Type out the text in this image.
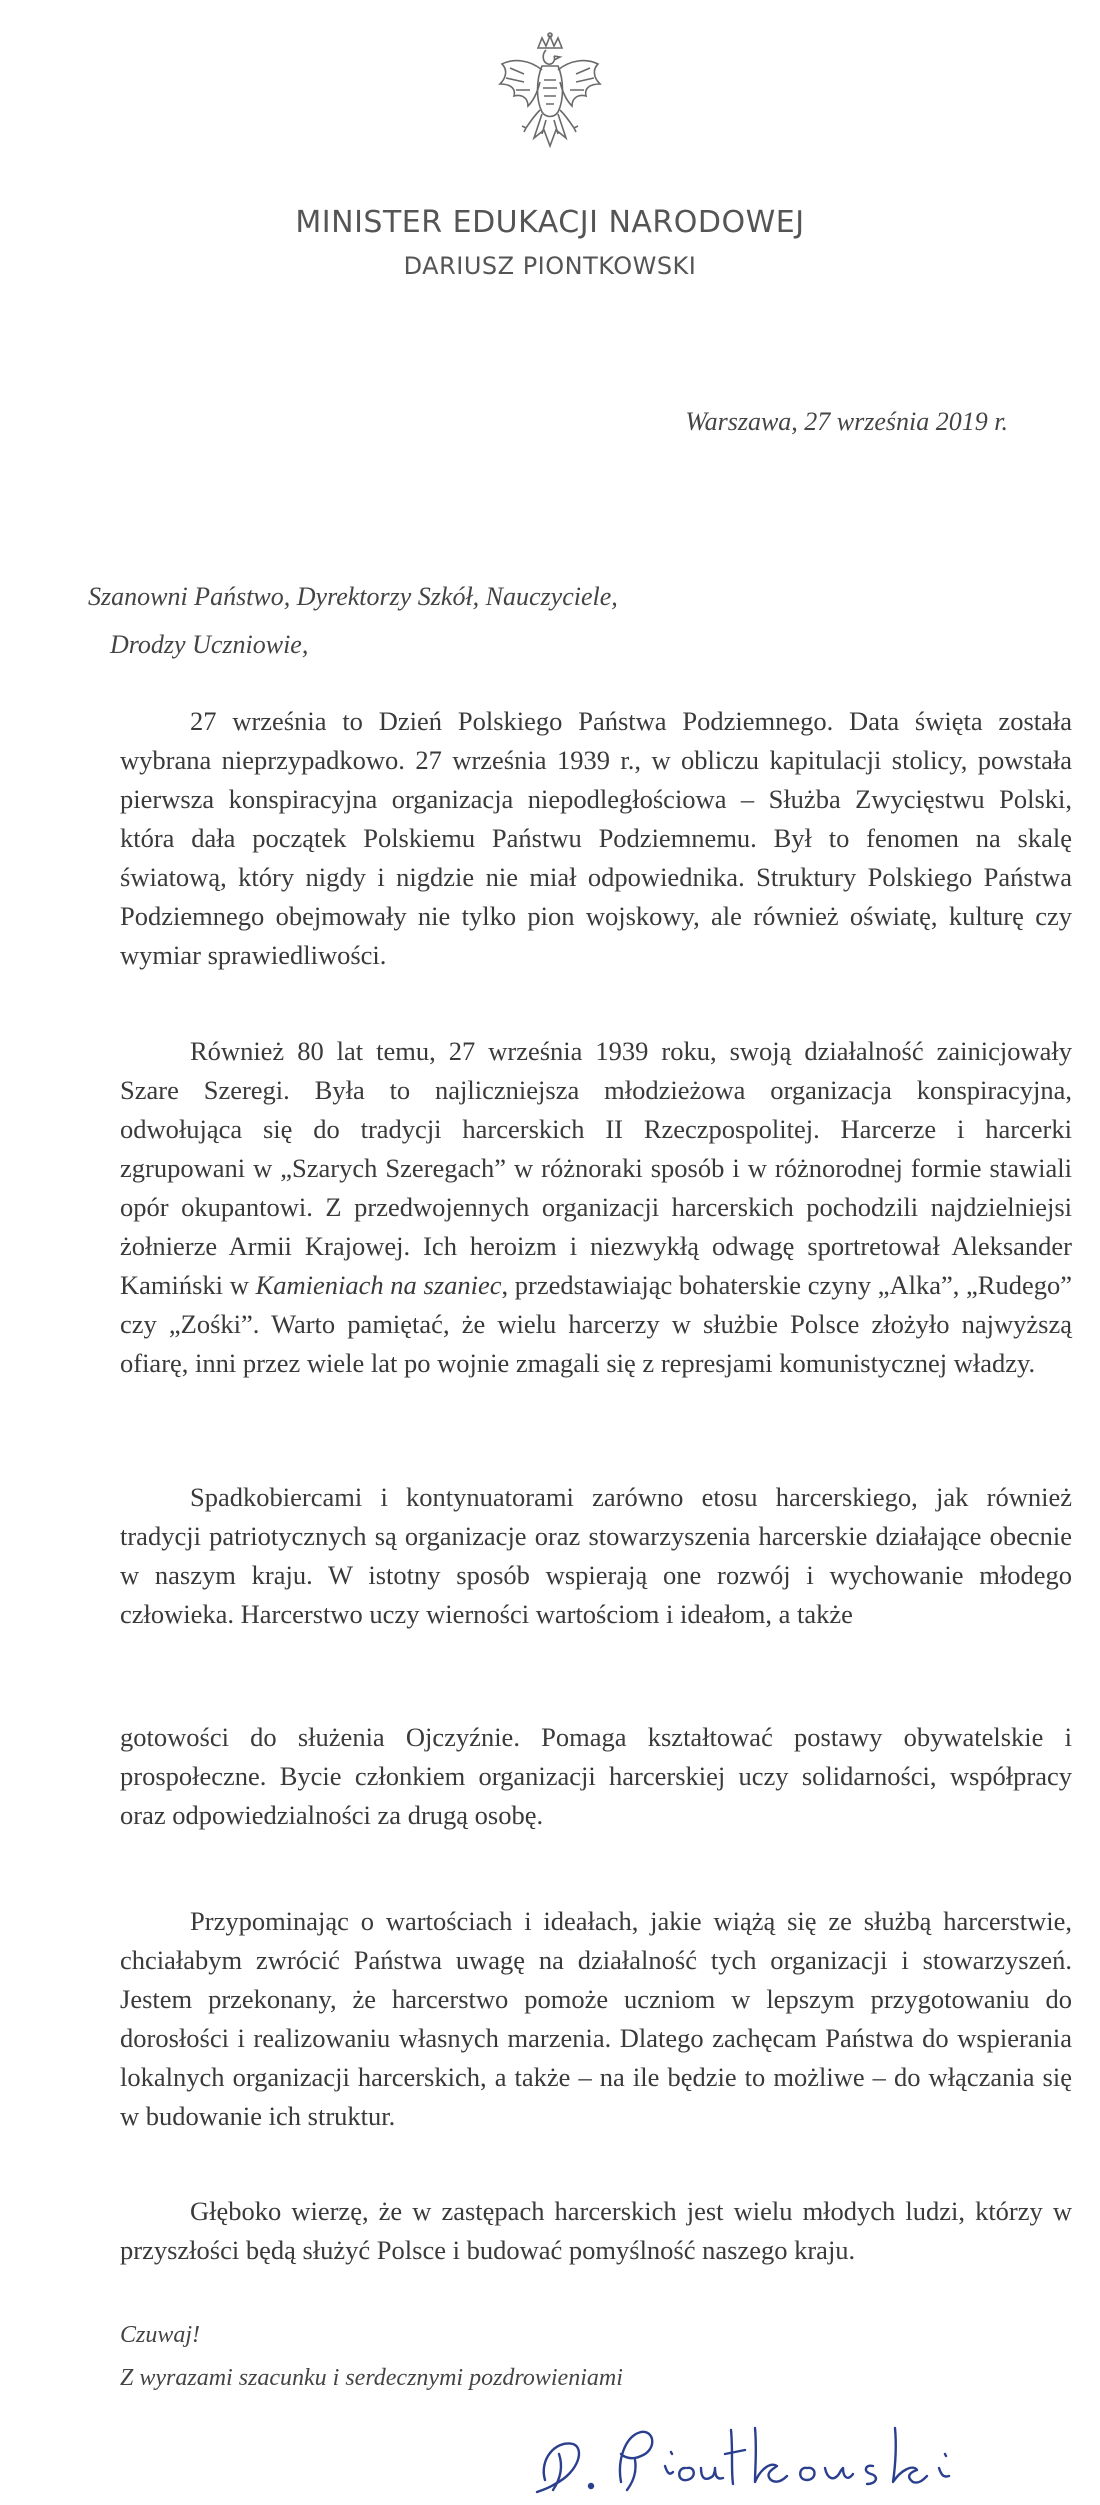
MINISTER EDUKACJI NARODOWEJ
DARIUSZ PIONTKOWSKI
Warszawa, 27 września 2019 r.
Szanowni Państwo, Dyrektorzy Szkół, Nauczyciele,
Drodzy Uczniowie,
27 września to Dzień Polskiego Państwa Podziemnego. Data święta została wybrana nieprzypadkowo. 27 września 1939 r., w obliczu kapitulacji stolicy, powstała pierwsza konspiracyjna organizacja niepodległościowa – Służba Zwycięstwu Polski, która dała początek Polskiemu Państwu Podziemnemu. Był to fenomen na skalę światową, który nigdy i nigdzie nie miał odpowiednika. Struktury Polskiego Państwa Podziemnego obejmowały nie tylko pion wojskowy, ale również oświatę, kulturę czy wymiar sprawiedliwości.
Również 80 lat temu, 27 września 1939 roku, swoją działalność zainicjowały Szare Szeregi. Była to najliczniejsza młodzieżowa organizacja konspiracyjna, odwołująca się do tradycji harcerskich II Rzeczpospolitej. Harcerze i harcerki zgrupowani w „Szarych Szeregach” w różnoraki sposób i w różnorodnej formie stawiali opór okupantowi. Z przedwojennych organizacji harcerskich pochodzili najdzielniejsi żołnierze Armii Krajowej. Ich heroizm i niezwykłą odwagę sportretował Aleksander Kamiński w Kamieniach na szaniec, przedstawiając bohaterskie czyny „Alka”, „Rudego” czy „Zośki”. Warto pamiętać, że wielu harcerzy w służbie Polsce złożyło najwyższą ofiarę, inni przez wiele lat po wojnie zmagali się z represjami komunistycznej władzy.
Spadkobiercami i kontynuatorami zarówno etosu harcerskiego, jak również tradycji patriotycznych są organizacje oraz stowarzyszenia harcerskie działające obecnie w naszym kraju. W istotny sposób wspierają one rozwój i wychowanie młodego człowieka. Harcerstwo uczy wierności wartościom i ideałom, a także
gotowości do służenia Ojczyźnie. Pomaga kształtować postawy obywatelskie i prospołeczne. Bycie członkiem organizacji harcerskiej uczy solidarności, współpracy oraz odpowiedzialności za drugą osobę.
Przypominając o wartościach i ideałach, jakie wiążą się ze służbą harcerstwie, chciałabym zwrócić Państwa uwagę na działalność tych organizacji i stowarzyszeń. Jestem przekonany, że harcerstwo pomoże uczniom w lepszym przygotowaniu do dorosłości i realizowaniu własnych marzenia. Dlatego zachęcam Państwa do wspierania lokalnych organizacji harcerskich, a także – na ile będzie to możliwe – do włączania się w budowanie ich struktur.
Głęboko wierzę, że w zastępach harcerskich jest wielu młodych ludzi, którzy w przyszłości będą służyć Polsce i budować pomyślność naszego kraju.
Czuwaj!
Z wyrazami szacunku i serdecznymi pozdrowieniami
